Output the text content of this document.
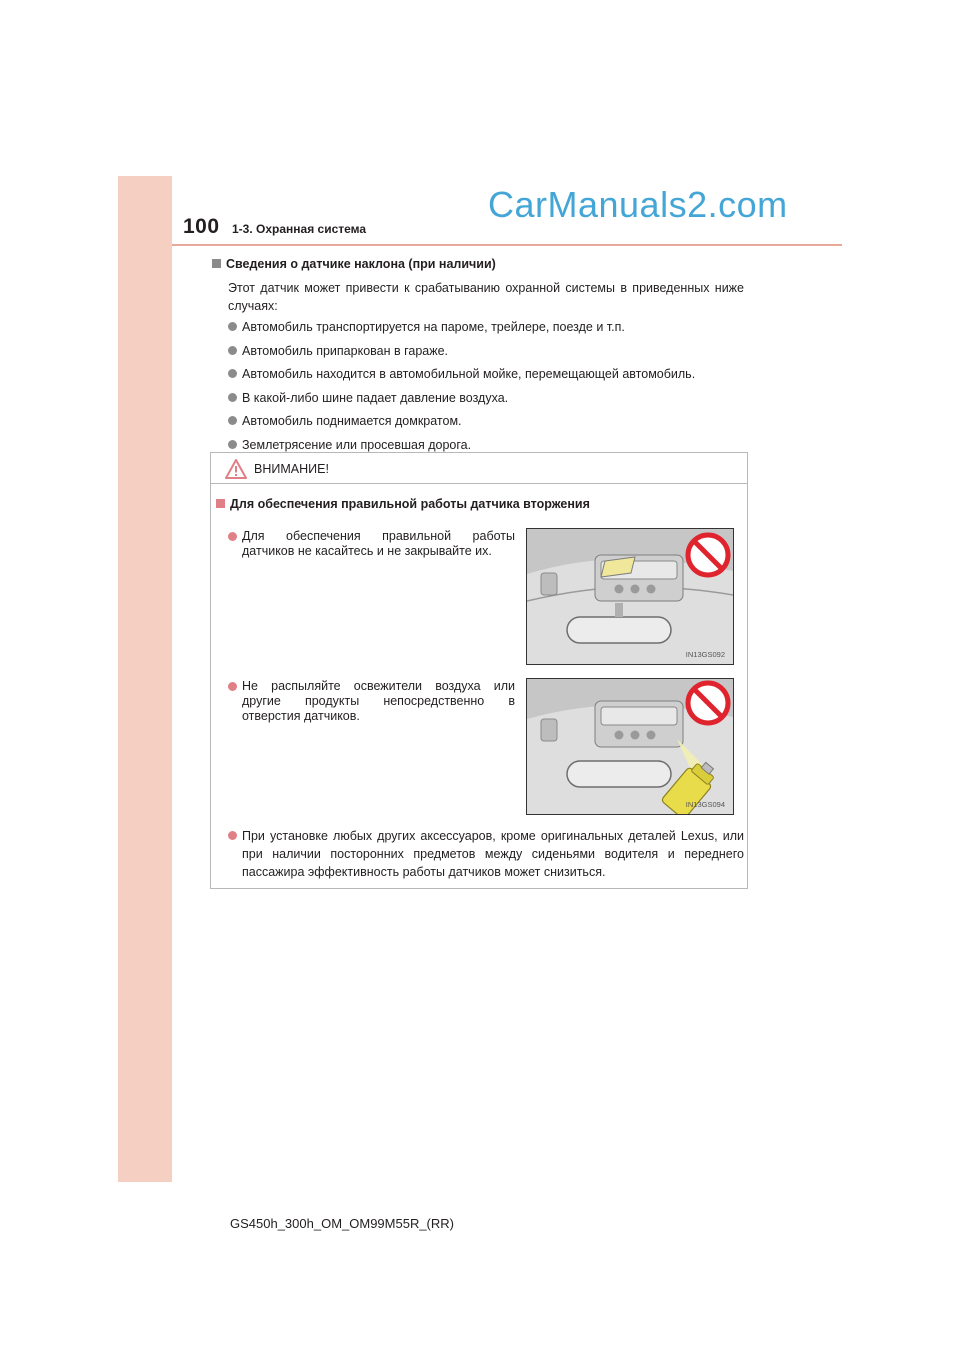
100 1-3. Охранная система
CarManuals2.com
Сведения о датчике наклона (при наличии)
Этот датчик может привести к срабатыванию охранной системы в приведенных ниже случаях:
Автомобиль транспортируется на пароме, трейлере, поезде и т.п.
Автомобиль припаркован в гараже.
Автомобиль находится в автомобильной мойке, перемещающей автомобиль.
В какой-либо шине падает давление воздуха.
Автомобиль поднимается домкратом.
Землетрясение или просевшая дорога.
ВНИМАНИЕ!
Для обеспечения правильной работы датчика вторжения
Для обеспечения правильной работы датчиков не касайтесь и не закрывайте их.
IN13GS092
Не распыляйте освежители воздуха или другие продукты непосредственно в отверстия датчиков.
IN13GS094
При установке любых других аксессуаров, кроме оригинальных деталей Lexus, или при наличии посторонних предметов между сиденьями водителя и переднего пассажира эффективность работы датчиков может снизиться.
GS450h_300h_OM_OM99M55R_(RR)
